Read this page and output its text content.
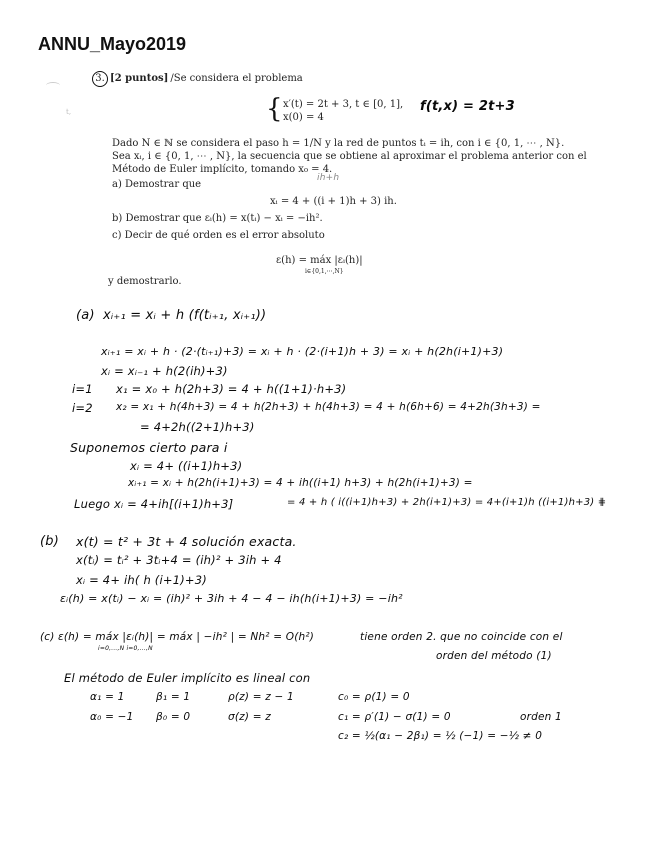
ANNU_Mayo2019
t,
3. [2 puntos] /Se considera el problema
{ x′(t) = 2t + 3, t ∈ [0, 1],
x(0) = 4
f(t,x) = 2t+3
Dado N ∈ ℕ se considera el paso h = 1/N y la red de puntos tᵢ = ih, con i ∈ {0, 1, ⋯ , N}.
Sea xᵢ, i ∈ {0, 1, ⋯ , N}, la secuencia que se obtiene al aproximar el problema anterior con el
Método de Euler implícito, tomando x₀ = 4.
a) Demostrar que
ih+h
xᵢ = 4 + ((i + 1)h + 3) ih.
b) Demostrar que εᵢ(h) = x(tᵢ) − xᵢ = −ih².
c) Decir de qué orden es el error absoluto
ε(h) = máx |εᵢ(h)|
i∈{0,1,⋯,N}
y demostrarlo.
(a) xᵢ₊₁ = xᵢ + h (f(tᵢ₊₁, xᵢ₊₁))
xᵢ₊₁ = xᵢ + h · (2·(tᵢ₊₁)+3) = xᵢ + h · (2·(i+1)h + 3) = xᵢ + h(2h(i+1)+3)
xᵢ = xᵢ₋₁ + h(2(ih)+3)
i=1 x₁ = x₀ + h(2h+3) = 4 + h((1+1)·h+3)
i=2 x₂ = x₁ + h(4h+3) = 4 + h(2h+3) + h(4h+3) = 4 + h(6h+6) = 4+2h(3h+3) =
= 4+2h((2+1)h+3)
Suponemos cierto para i
xᵢ = 4+ ((i+1)h+3)
xᵢ₊₁ = xᵢ + h(2h(i+1)+3) = 4 + ih((i+1) h+3) + h(2h(i+1)+3) =
Luego xᵢ = 4+ih[(i+1)h+3]	= 4 + h ( i((i+1)h+3) + 2h(i+1)+3) = 4+(i+1)h ((i+1)h+3) ⋕
(b) x(t) = t² + 3t + 4 solución exacta.
x(tᵢ) = tᵢ² + 3tᵢ+4 = (ih)² + 3ih + 4
xᵢ = 4+ ih( h (i+1)+3)
εᵢ(h) = x(tᵢ) − xᵢ = (ih)² + 3ih + 4 − 4 − ih(h(i+1)+3) = −ih²
(c) ε(h) = máx |εᵢ(h)| = máx | −ih² | = Nh² = O(h²)
i=0,...,N i=0,...,N
tiene orden 2. que no coincide con el
orden del método (1)
El método de Euler implícito es lineal con
α₁ = 1	β₁ = 1	ρ(z) = z − 1	c₀ = ρ(1) = 0
α₀ = −1 β₀ = 0	σ(z) = z	c₁ = ρ′(1) − σ(1) = 0	orden 1
c₂ = ½(α₁ − 2β₁) = ½ (−1) = −½ ≠ 0
